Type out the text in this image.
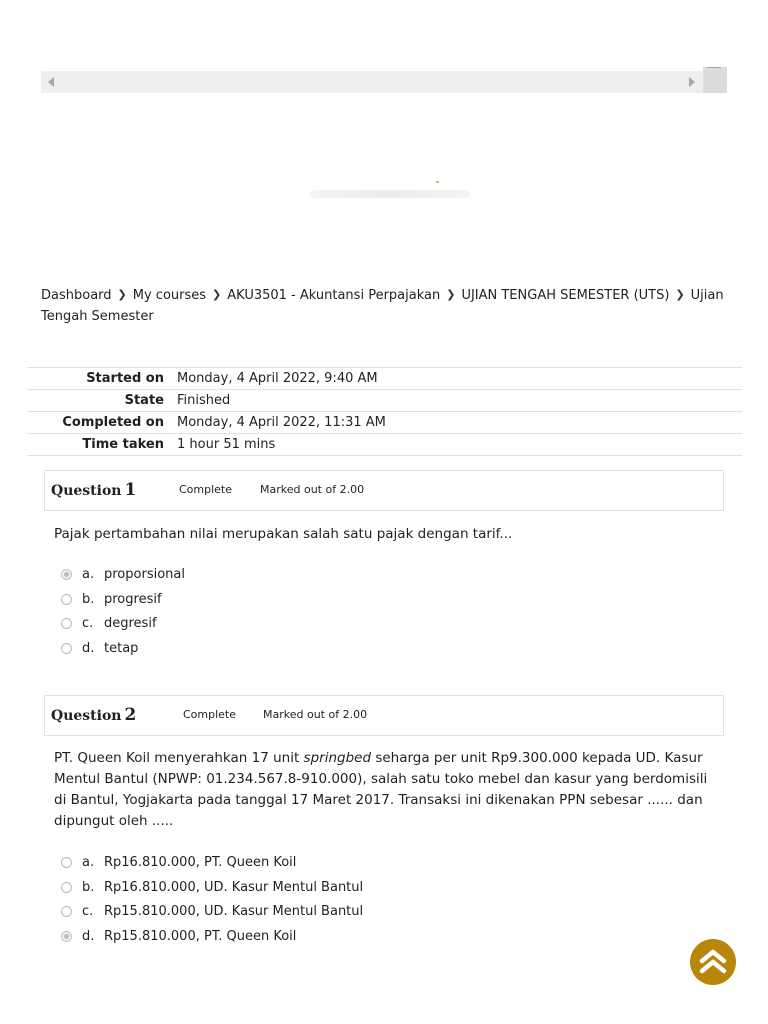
Dashboard ❯ My courses ❯ AKU3501 - Akuntansi Perpajakan ❯ UJIAN TENGAH SEMESTER (UTS) ❯ Ujian Tengah Semester
Started on	Monday, 4 April 2022, 9:40 AM
State	Finished
Completed on	Monday, 4 April 2022, 11:31 AM
Time taken	1 hour 51 mins
Question 1	Complete	Marked out of 2.00
Pajak pertambahan nilai merupakan salah satu pajak dengan tarif...
a. proporsional
b. progresif
c. degresif
d. tetap
Question 2	Complete Marked out of 2.00
PT. Queen Koil menyerahkan 17 unit springbed seharga per unit Rp9.300.000 kepada UD. Kasur Mentul Bantul (NPWP: 01.234.567.8-910.000), salah satu toko mebel dan kasur yang berdomisili di Bantul, Yogjakarta pada tanggal 17 Maret 2017. Transaksi ini dikenakan PPN sebesar ...... dan dipungut oleh .....
a. Rp16.810.000, PT. Queen Koil
b. Rp16.810.000, UD. Kasur Mentul Bantul
c. Rp15.810.000, UD. Kasur Mentul Bantul
d. Rp15.810.000, PT. Queen Koil
